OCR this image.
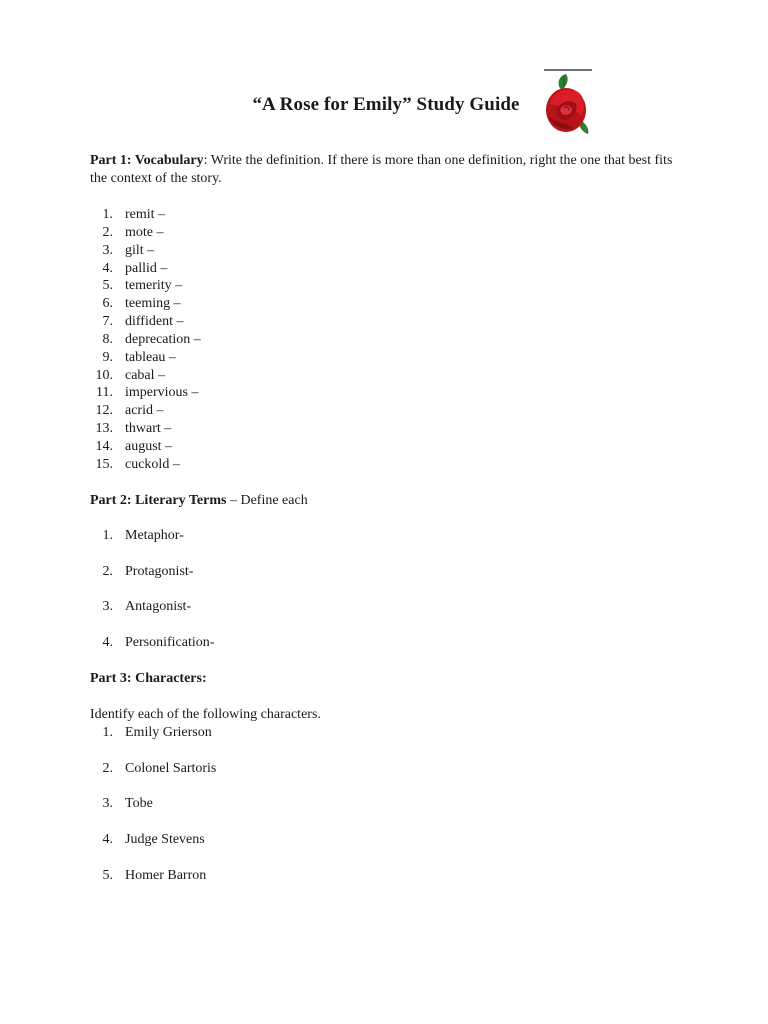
“A Rose for Emily” Study Guide
Part 1: Vocabulary: Write the definition. If there is more than one definition, right the one that best fits the context of the story.
1. remit –
2. mote –
3. gilt –
4. pallid –
5. temerity –
6. teeming –
7. diffident –
8. deprecation –
9. tableau –
10. cabal –
11. impervious –
12. acrid –
13. thwart –
14. august –
15. cuckold –
Part 2: Literary Terms – Define each
1. Metaphor-
2. Protagonist-
3. Antagonist-
4. Personification-
Part 3: Characters:
Identify each of the following characters.
1. Emily Grierson
2. Colonel Sartoris
3. Tobe
4. Judge Stevens
5. Homer Barron
